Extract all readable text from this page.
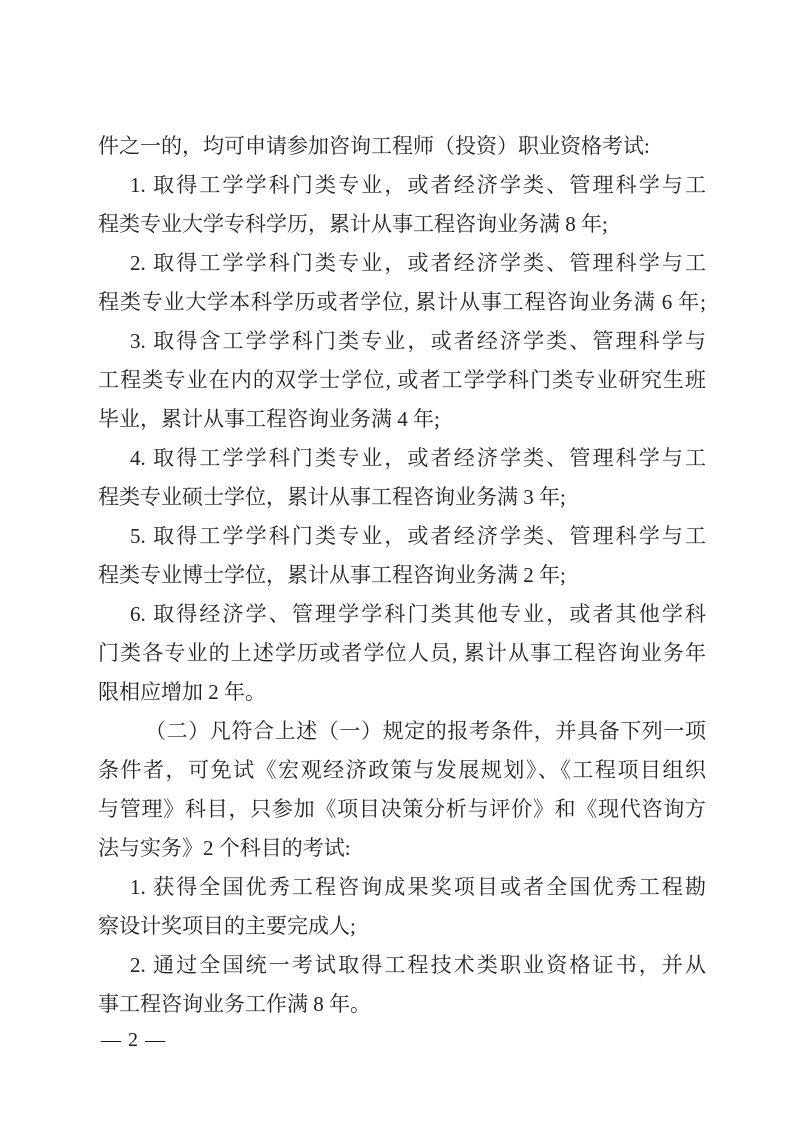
件之一的，均可申请参加咨询工程师（投资）职业资格考试:
1. 取得工学学科门类专业，或者经济学类、管理科学与工
程类专业大学专科学历，累计从事工程咨询业务满 8 年;
2. 取得工学学科门类专业，或者经济学类、管理科学与工
程类专业大学本科学历或者学位, 累计从事工程咨询业务满 6 年;
3. 取得含工学学科门类专业，或者经济学类、管理科学与
工程类专业在内的双学士学位, 或者工学学科门类专业研究生班
毕业，累计从事工程咨询业务满 4 年;
4. 取得工学学科门类专业，或者经济学类、管理科学与工
程类专业硕士学位，累计从事工程咨询业务满 3 年;
5. 取得工学学科门类专业，或者经济学类、管理科学与工
程类专业博士学位，累计从事工程咨询业务满 2 年;
6. 取得经济学、管理学学科门类其他专业，或者其他学科
门类各专业的上述学历或者学位人员, 累计从事工程咨询业务年
限相应增加 2 年。
（二）凡符合上述（一）规定的报考条件，并具备下列一项
条件者，可免试《宏观经济政策与发展规划》、《工程项目组织
与管理》科目，只参加《项目决策分析与评价》和《现代咨询方
法与实务》2 个科目的考试:
1. 获得全国优秀工程咨询成果奖项目或者全国优秀工程勘
察设计奖项目的主要完成人;
2. 通过全国统一考试取得工程技术类职业资格证书，并从
事工程咨询业务工作满 8 年。
— 2 —
